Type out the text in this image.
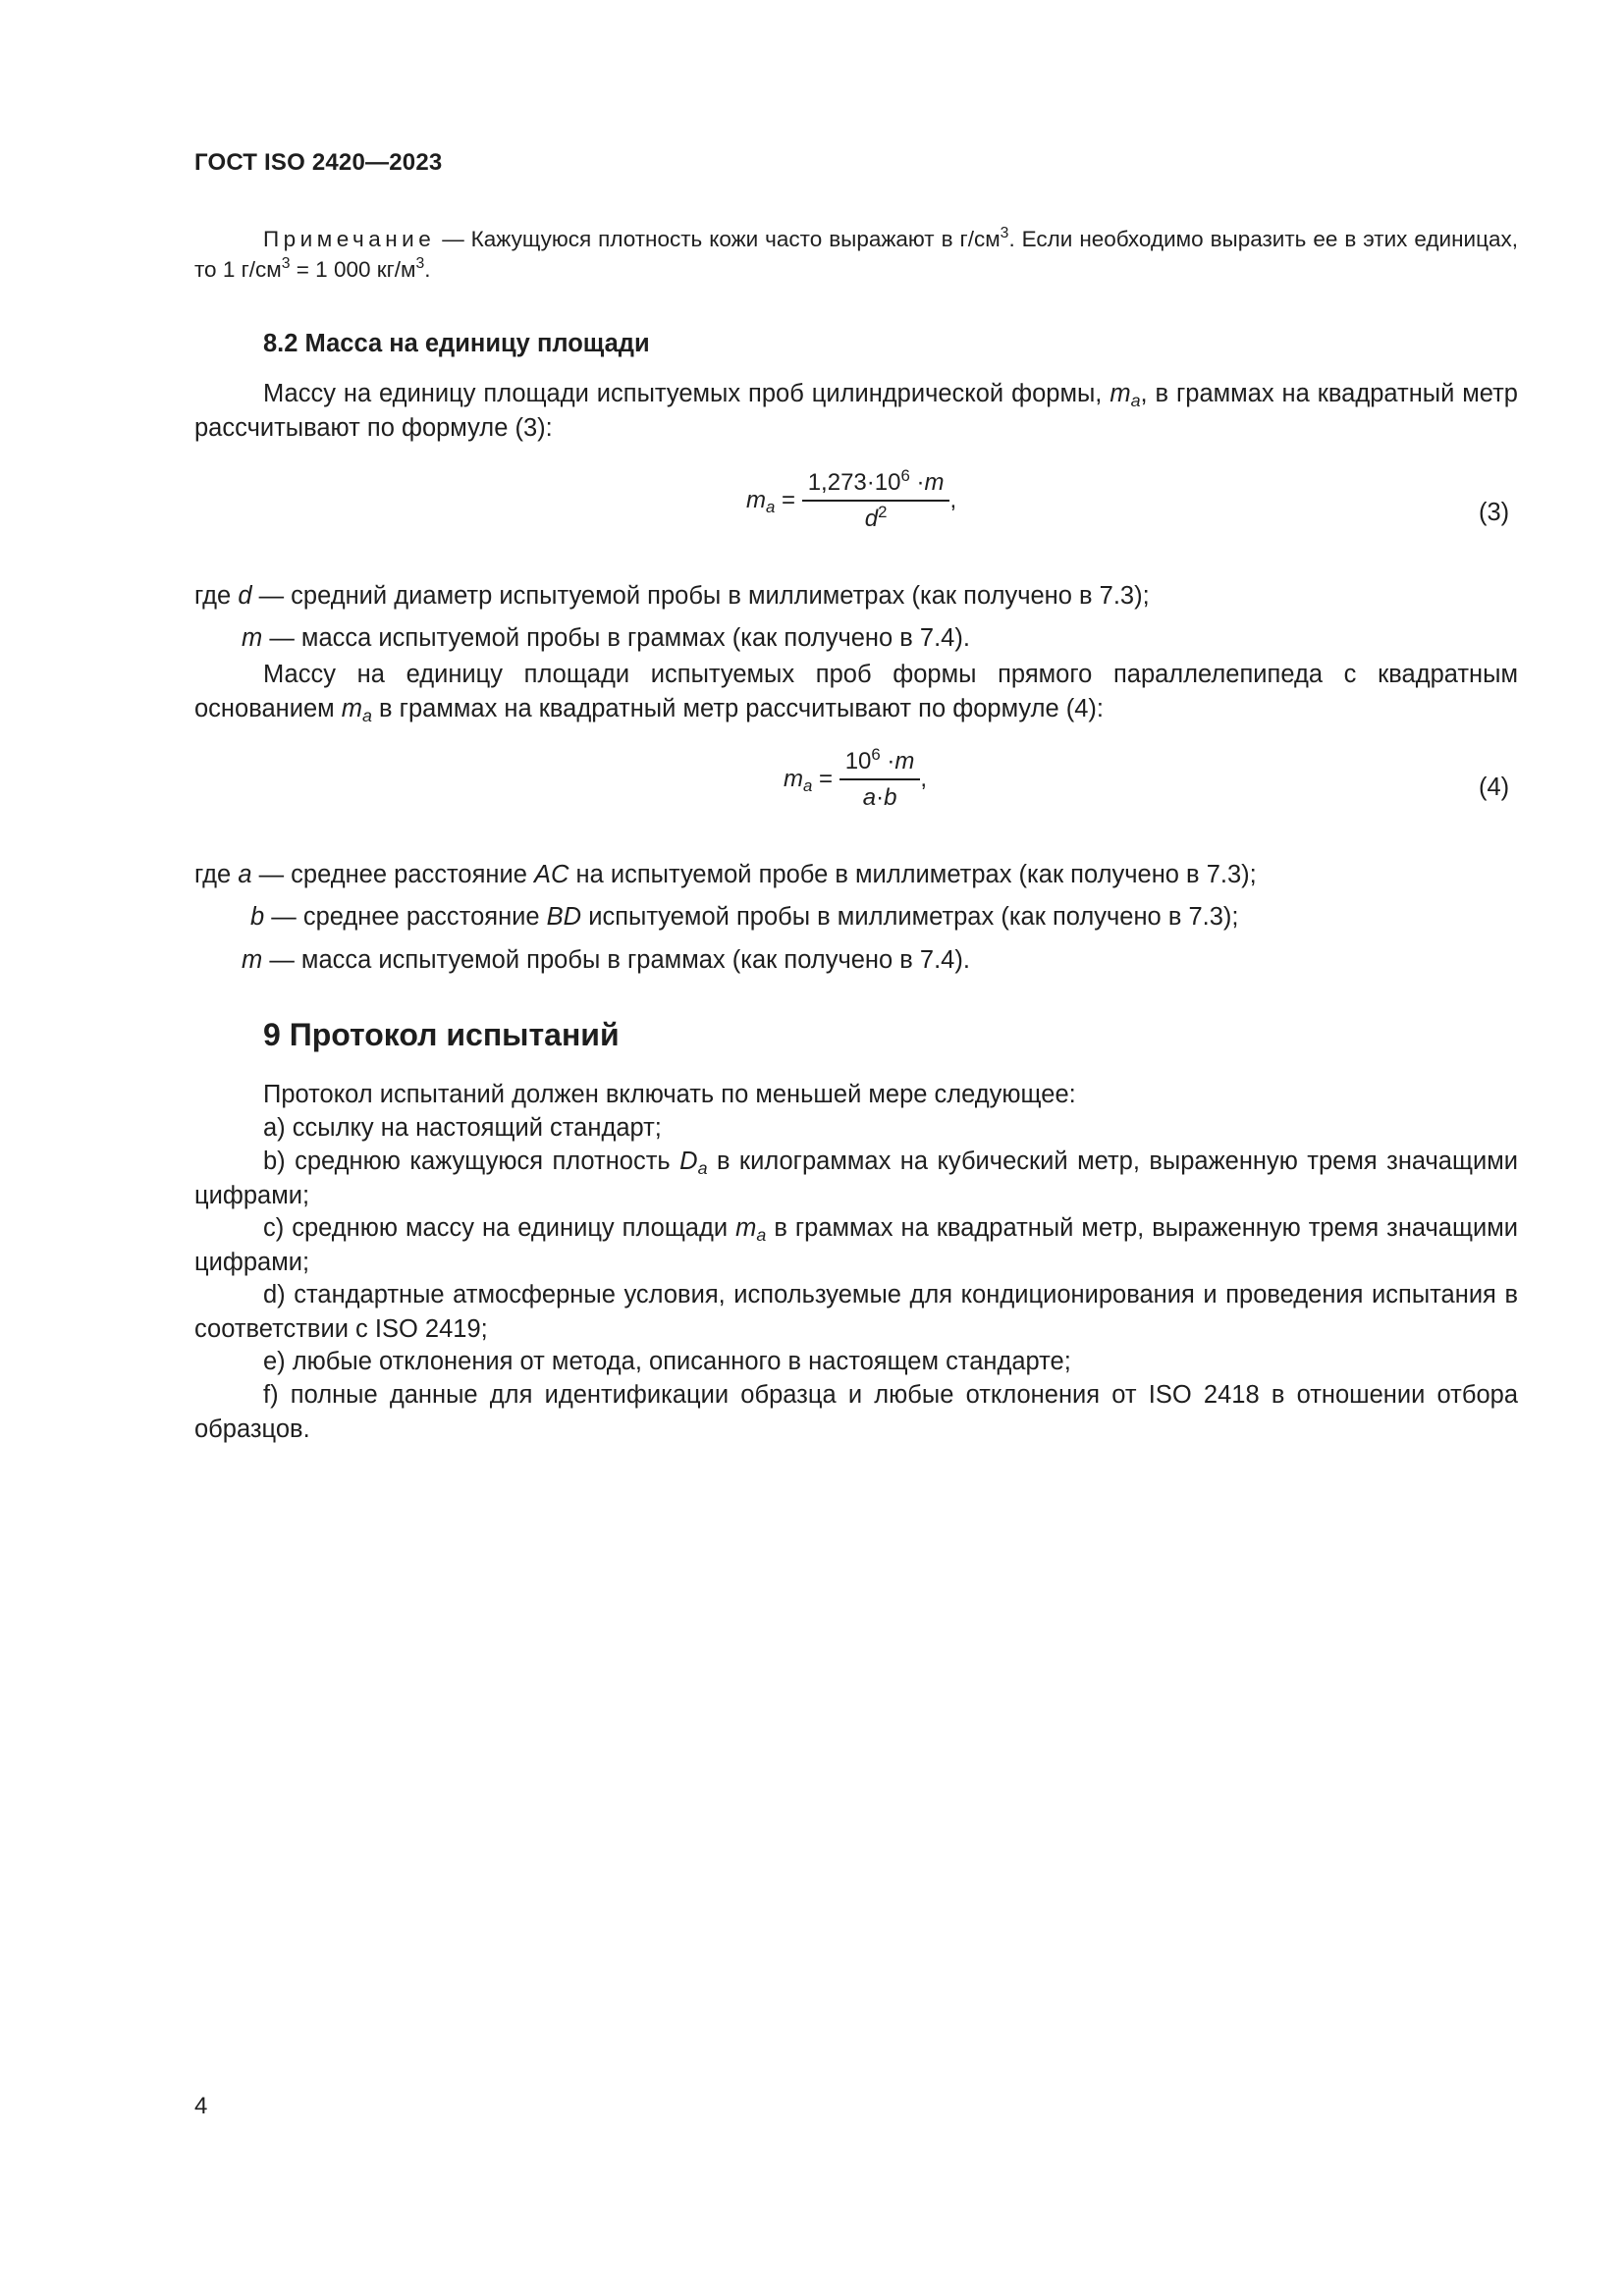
ГОСТ ISO 2420—2023
Примечание — Кажущуюся плотность кожи часто выражают в $г/см^3$. Если необходимо выразить ее в этих единицах, то 1 $г/см^3 = 1$ 000 $кг/м^3$.
8.2 Масса на единицу площади
Массу на единицу площади испытуемых проб цилиндрической формы, $m_a$, в граммах на квадратный метр рассчитывают по формуле (3):
$m_a = \frac{1,273\cdot 10^6 \cdot m}{d^2}$ ,	(3)
где d — средний диаметр испытуемой пробы в миллиметрах (как получено в 7.3);
m — масса испытуемой пробы в граммах (как получено в 7.4).
Массу на единицу площади испытуемых проб формы прямого параллелепипеда с квадратным основанием $m_a$ в граммах на квадратный метр рассчитывают по формуле (4):
$m_a = \frac{10^6 \cdot m}{a\cdot b}$ ,	(4)
где a — среднее расстояние AC на испытуемой пробе в миллиметрах (как получено в 7.3);
b — среднее расстояние BD испытуемой пробы в миллиметрах (как получено в 7.3);
m — масса испытуемой пробы в граммах (как получено в 7.4).
9 Протокол испытаний
Протокол испытаний должен включать по меньшей мере следующее:
a) ссылку на настоящий стандарт;
b) среднюю кажущуюся плотность $D_a$ в килограммах на кубический метр, выраженную тремя значащими цифрами;
c) среднюю массу на единицу площади $m_a$ в граммах на квадратный метр, выраженную тремя значащими цифрами;
d) стандартные атмосферные условия, используемые для кондиционирования и проведения испытания в соответствии с ISO 2419;
e) любые отклонения от метода, описанного в настоящем стандарте;
f) полные данные для идентификации образца и любые отклонения от ISO 2418 в отношении отбора образцов.
4
